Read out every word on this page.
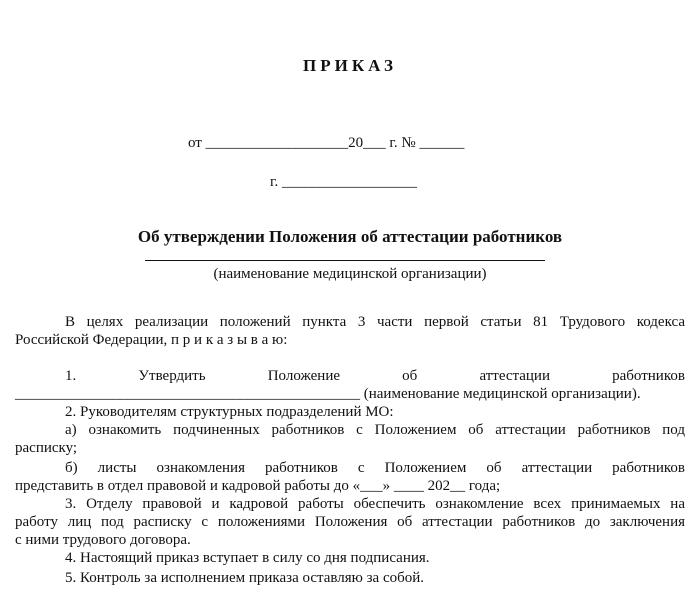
ПРИКАЗ
от ___________________20___ г. № ______
г. __________________
Об утверждении Положения об аттестации работников
(наименование медицинской организации)
В целях реализации положений пункта 3 части первой статьи 81 Трудового кодекса
Российской Федерации, п р и к а з ы в а ю:
1.	Утвердить	Положение	об	аттестации	работников
______________________________________________ (наименование медицинской организации).
2. Руководителям структурных подразделений МО:
а) ознакомить подчиненных работников с Положением об аттестации работников под
расписку;
б) листы ознакомления работников с Положением об аттестации работников
представить в отдел правовой и кадровой работы до «___» ____ 202__ года;
3. Отделу правовой и кадровой работы обеспечить ознакомление всех принимаемых на
работу лиц под расписку с положениями Положения об аттестации работников до заключения
с ними трудового договора.
4. Настоящий приказ вступает в силу со дня подписания.
5. Контроль за исполнением приказа оставляю за собой.
